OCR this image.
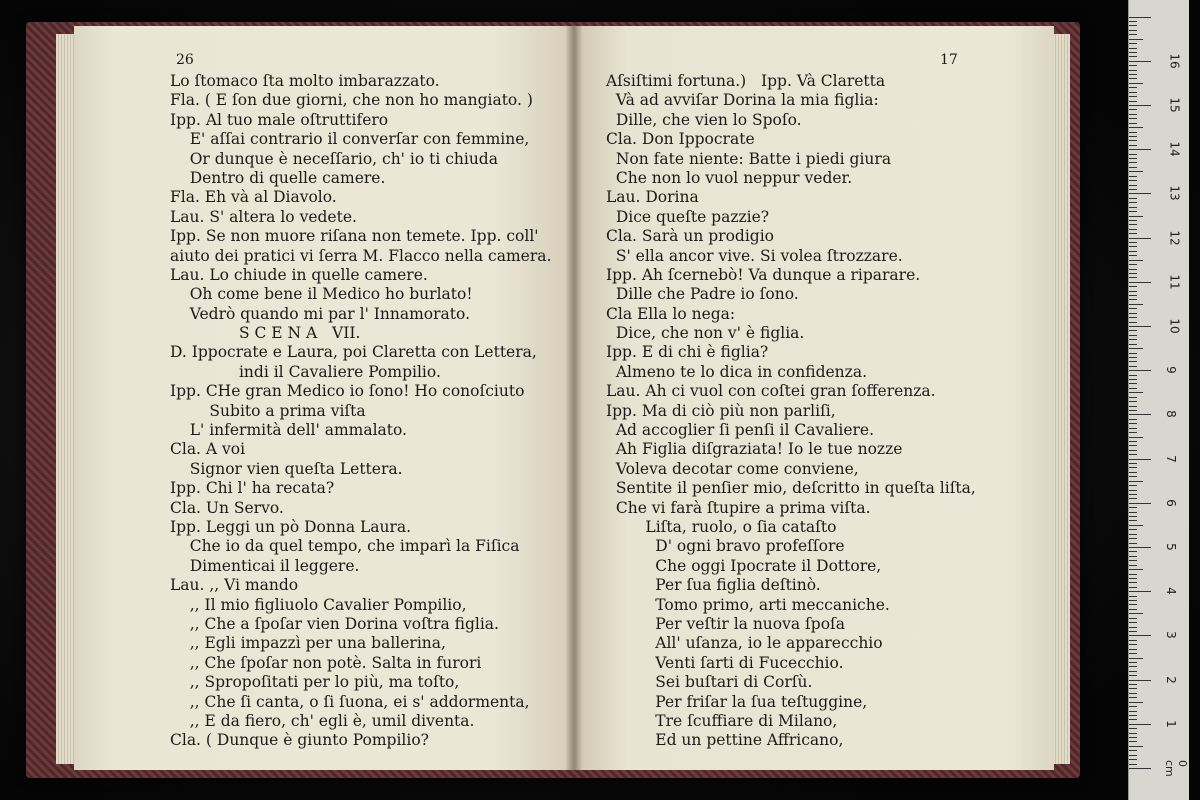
26	17
Lo ſtomaco ſta molto imbarazzato.
Fla. ( E ſon due giorni, che non ho mangiato. )
Ipp. Al tuo male oſtruttifero
E' aſſai contrario il converſar con femmine,
Or dunque è neceſſario, ch' io ti chiuda
Dentro di quelle camere.
Fla. Eh và al Diavolo.
Lau. S' altera lo vedete.
Ipp. Se non muore riſana non temete. Ipp. coll'
aiuto dei pratici vi ſerra M. Flacco nella camera.
Lau. Lo chiude in quelle camere.
Oh come bene il Medico ho burlato!
Vedrò quando mi par l' Innamorato.
S C E N A   VII.
D. Ippocrate e Laura, poi Claretta con Lettera,
indi il Cavaliere Pompilio.
Ipp. CHe gran Medico io ſono! Ho conoſciuto
Subito a prima viſta
L' infermità dell' ammalato.
Cla. A voi
Signor vien queſta Lettera.
Ipp. Chi l' ha recata?
Cla. Un Servo.
Ipp. Leggi un pò Donna Laura.
Che io da quel tempo, che imparì la Fiſica
Dimenticai il leggere.
Lau. ,, Vi mando
,, Il mio figliuolo Cavalier Pompilio,
,, Che a ſpoſar vien Dorina voſtra figlia.
,, Egli impazzì per una ballerina,
,, Che ſpoſar non potè. Salta in furori
,, Spropoſitati per lo più, ma toſto,
,, Che ſi canta, o ſi ſuona, ei s' addormenta,
,, E da fiero, ch' egli è, umil diventa.
Cla. ( Dunque è giunto Pompilio?
Aſsiſtimi fortuna.)   Ipp. Và Claretta
Và ad avviſar Dorina la mia figlia:
Dille, che vien lo Spoſo.
Cla. Don Ippocrate
Non fate niente: Batte i piedi giura
Che non lo vuol neppur veder.
Lau. Dorina
Dice queſte pazzie?
Cla. Sarà un prodigio
S' ella ancor vive. Si volea ſtrozzare.
Ipp. Ah ſcernebò! Va dunque a riparare.
Dille che Padre io ſono.
Cla Ella lo nega:
Dice, che non v' è figlia.
Ipp. E di chi è figlia?
Almeno te lo dica in confidenza.
Lau. Ah ci vuol con coſtei gran ſofferenza.
Ipp. Ma di ciò più non parliſi,
Ad accoglier ſi penſi il Cavaliere.
Ah Figlia diſgraziata! Io le tue nozze
Voleva decotar come conviene,
Sentite il penſier mio, deſcritto in queſta liſta,
Che vi farà ſtupire a prima viſta.
Liſta, ruolo, o ſia cataſto
D' ogni bravo profeſſore
Che oggi Ipocrate il Dottore,
Per ſua figlia deſtinò.
Tomo primo, arti meccaniche.
Per veſtir la nuova ſpoſa
All' uſanza, io le apparecchio
Venti ſarti di Fucecchio.
Sei buſtari di Corſù.
Per friſar la ſua teſtuggine,
Tre ſcuffiare di Milano,
Ed un pettine Affricano,
0 cm
1
2
3
4
5
6
7
8
9
10
11
12
13
14
15
16
